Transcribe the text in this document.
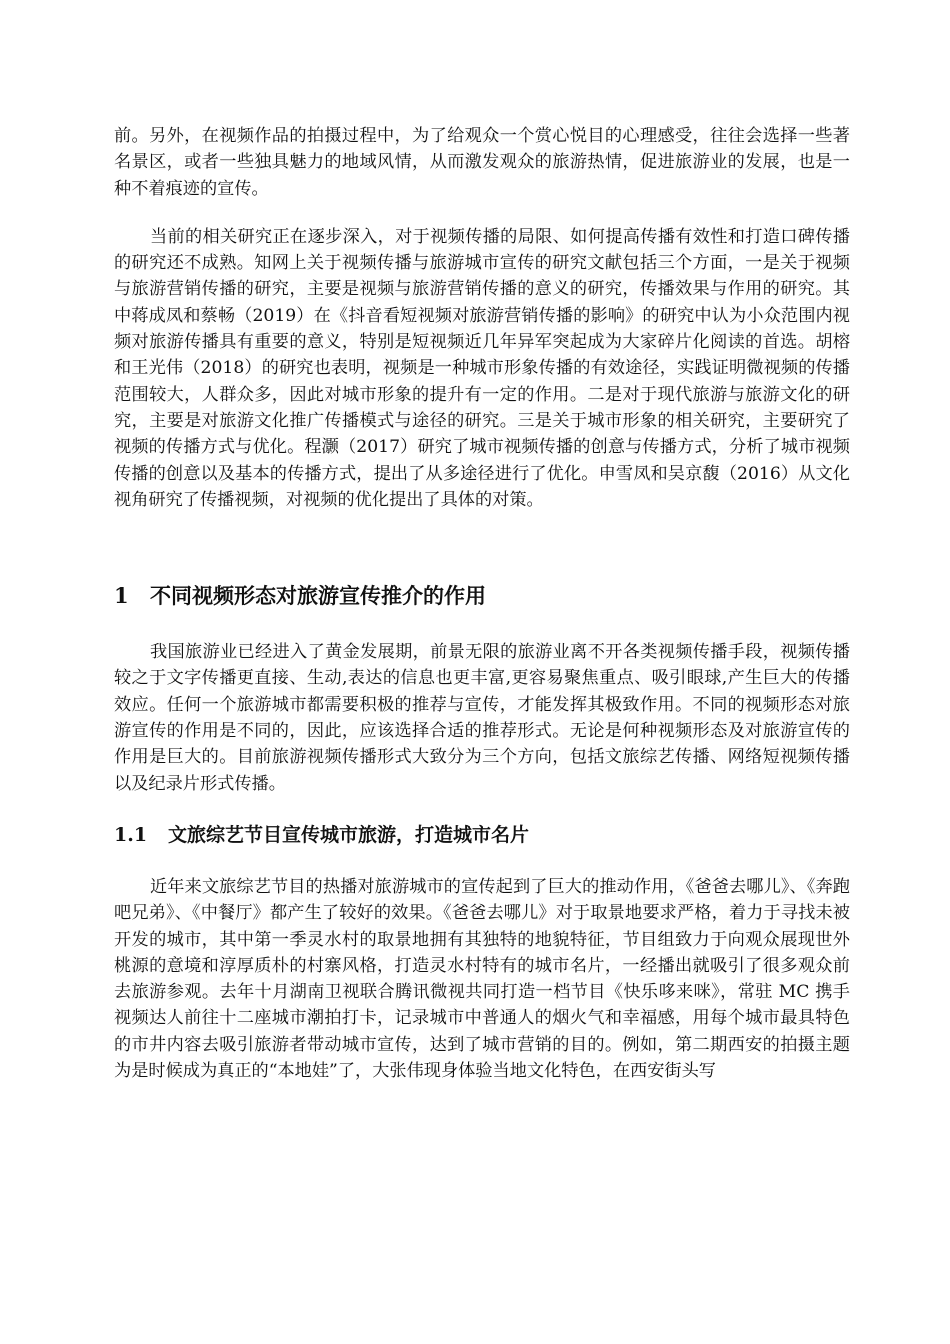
前。另外，在视频作品的拍摄过程中，为了给观众一个赏心悦目的心理感受，往往会选择一些著名景区，或者一些独具魅力的地域风情，从而激发观众的旅游热情，促进旅游业的发展，也是一种不着痕迹的宣传。

当前的相关研究正在逐步深入，对于视频传播的局限、如何提高传播有效性和打造口碑传播的研究还不成熟。知网上关于视频传播与旅游城市宣传的研究文献包括三个方面，一是关于视频与旅游营销传播的研究，主要是视频与旅游营销传播的意义的研究，传播效果与作用的研究。其中蒋成凤和蔡畅（2019）在《抖音看短视频对旅游营销传播的影响》的研究中认为小众范围内视频对旅游传播具有重要的意义，特别是短视频近几年异军突起成为大家碎片化阅读的首选。胡榕和王光伟（2018）的研究也表明，视频是一种城市形象传播的有效途径，实践证明微视频的传播范围较大，人群众多，因此对城市形象的提升有一定的作用。二是对于现代旅游与旅游文化的研究，主要是对旅游文化推广传播模式与途径的研究。三是关于城市形象的相关研究，主要研究了视频的传播方式与优化。程灏（2017）研究了城市视频传播的创意与传播方式，分析了城市视频传播的创意以及基本的传播方式，提出了从多途径进行了优化。申雪凤和吴京馥（2016）从文化视角研究了传播视频，对视频的优化提出了具体的对策。

1 不同视频形态对旅游宣传推介的作用

我国旅游业已经进入了黄金发展期，前景无限的旅游业离不开各类视频传播手段，视频传播较之于文字传播更直接、生动,表达的信息也更丰富,更容易聚焦重点、吸引眼球,产生巨大的传播效应。任何一个旅游城市都需要积极的推荐与宣传，才能发挥其极致作用。不同的视频形态对旅游宣传的作用是不同的，因此，应该选择合适的推荐形式。无论是何种视频形态及对旅游宣传的作用是巨大的。目前旅游视频传播形式大致分为三个方向，包括文旅综艺传播、网络短视频传播以及纪录片形式传播。

1.1 文旅综艺节目宣传城市旅游，打造城市名片

近年来文旅综艺节目的热播对旅游城市的宣传起到了巨大的推动作用，《爸爸去哪儿》、《奔跑吧兄弟》、《中餐厅》都产生了较好的效果。《爸爸去哪儿》对于取景地要求严格，着力于寻找未被开发的城市，其中第一季灵水村的取景地拥有其独特的地貌特征，节目组致力于向观众展现世外桃源的意境和淳厚质朴的村寨风格，打造灵水村特有的城市名片，一经播出就吸引了很多观众前去旅游参观。去年十月湖南卫视联合腾讯微视共同打造一档节目《快乐哆来咪》，常驻 MC 携手视频达人前往十二座城市潮拍打卡，记录城市中普通人的烟火气和幸福感，用每个城市最具特色的市井内容去吸引旅游者带动城市宣传，达到了城市营销的目的。例如，第二期西安的拍摄主题为是时候成为真正的“本地娃”了，大张伟现身体验当地文化特色，在西安街头写
